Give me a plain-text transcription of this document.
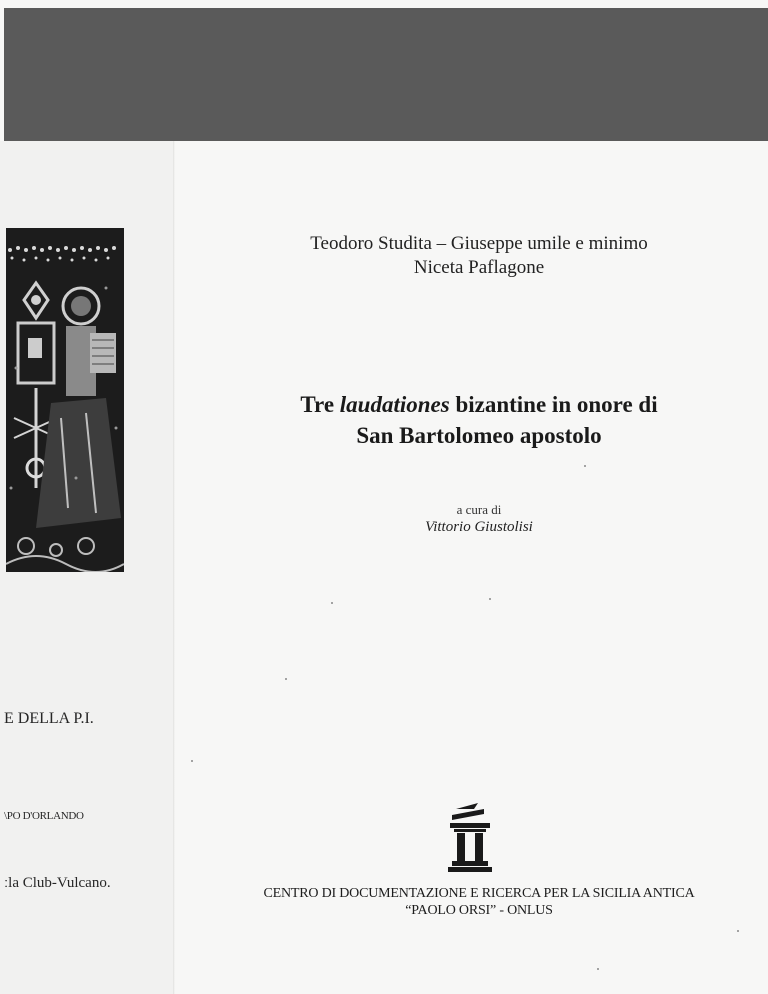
E DELLA P.I.
\PO D'ORLANDO
ːla Club-Vulcano.
Teodoro Studita – Giuseppe umile e minimo
Niceta Paflagone
Tre laudationes bizantine in onore di
San Bartolomeo apostolo
a cura di
Vittorio Giustolisi
CENTRO DI DOCUMENTAZIONE E RICERCA PER LA SICILIA ANTICA
“PAOLO ORSI” - ONLUS
